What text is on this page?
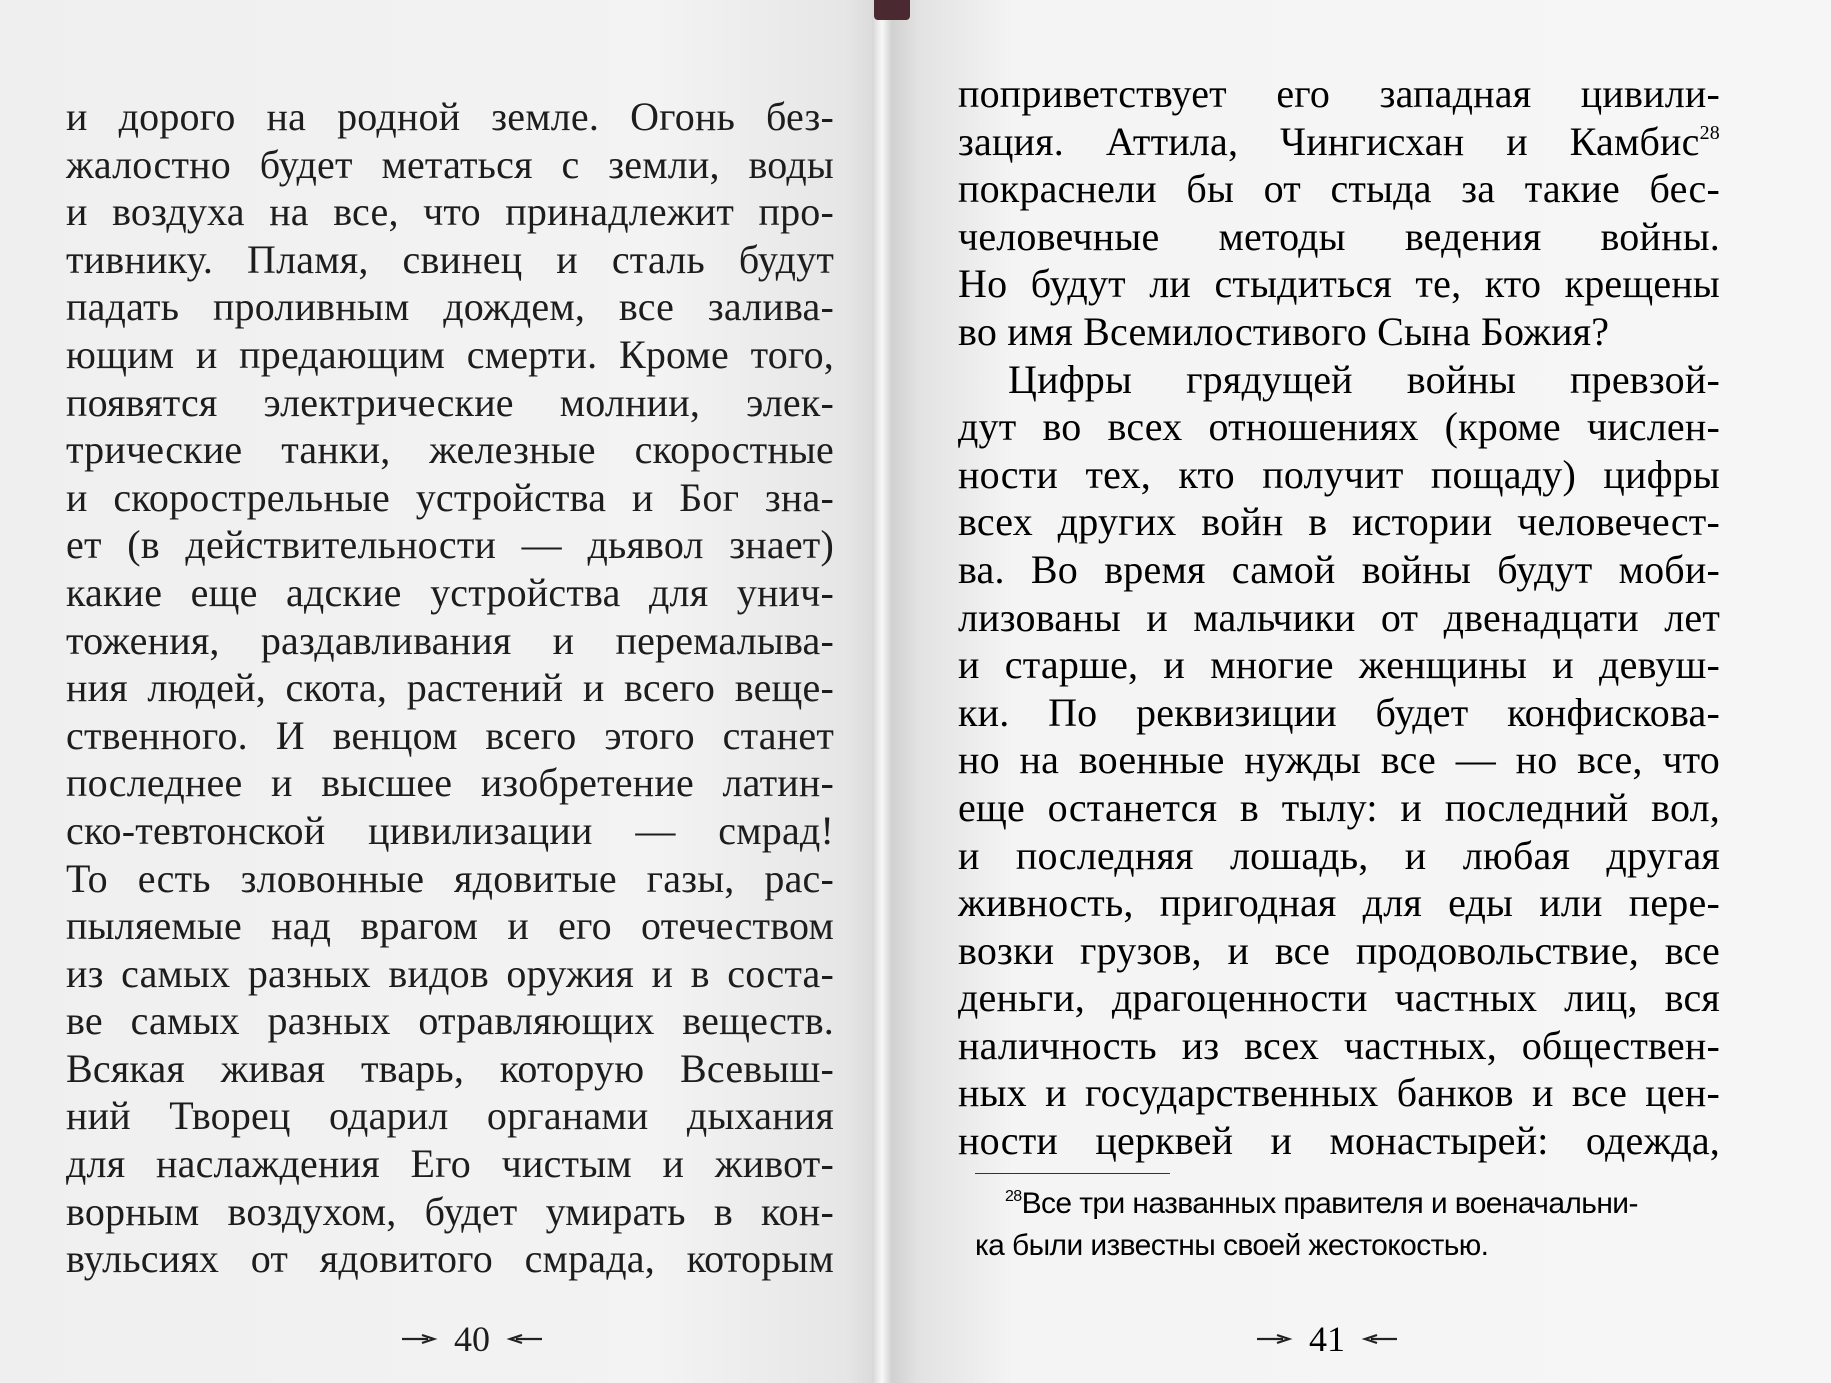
и дорого на родной земле. Огонь без-
жалостно будет метаться с земли, воды
и воздуха на все, что принадлежит про-
тивнику. Пламя, свинец и сталь будут
падать проливным дождем, все залива-
ющим и предающим смерти. Кроме того,
появятся электрические молнии, элек-
трические танки, железные скоростные
и скорострельные устройства и Бог зна-
ет (в действительности — дьявол знает)
какие еще адские устройства для унич-
тожения, раздавливания и перемалыва-
ния людей, скота, растений и всего веще-
ственного. И венцом всего этого станет
последнее и высшее изобретение латин-
ско-тевтонской цивилизации — смрад!
То есть зловонные ядовитые газы, рас-
пыляемые над врагом и его отечеством
из самых разных видов оружия и в соста-
ве самых разных отравляющих веществ.
Всякая живая тварь, которую Всевыш-
ний Творец одарил органами дыхания
для наслаждения Его чистым и живот-
ворным воздухом, будет умирать в кон-
вульсиях от ядовитого смрада, которым
40
поприветствует его западная цивили-
зация. Аттила, Чингисхан и Камбис$^{28}$
покраснели бы от стыда за такие бес-
человечные методы ведения войны.
Но будут ли стыдиться те, кто крещены
во имя Всемилостивого Сына Божия?
Цифры грядущей войны превзой-
дут во всех отношениях (кроме числен-
ности тех, кто получит пощаду) цифры
всех других войн в истории человечест-
ва. Во время самой войны будут моби-
лизованы и мальчики от двенадцати лет
и старше, и многие женщины и девуш-
ки. По реквизиции будет конфискова-
но на военные нужды все — но все, что
еще останется в тылу: и последний вол,
и последняя лошадь, и любая другая
живность, пригодная для еды или пере-
возки грузов, и все продовольствие, все
деньги, драгоценности частных лиц, вся
наличность из всех частных, обществен-
ных и государственных банков и все цен-
ности церквей и монастырей: одежда,
$^{28}$Все три названных правителя и военачальни-
ка были известны своей жестокостью.
41
